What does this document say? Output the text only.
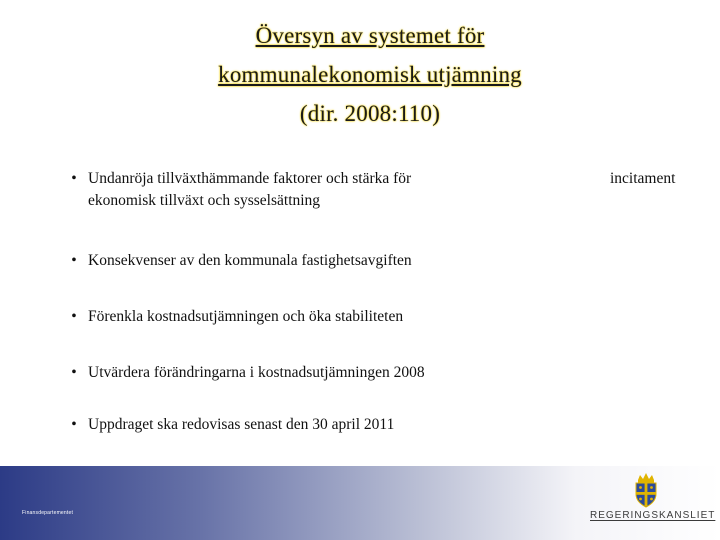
Översyn av systemet för
kommunalekonomisk utjämning
(dir. 2008:110)
• Undanröja tillväxthämmande faktorer och stärka för ekonomisk tillväxt och sysselsättning
incitament
• Konsekvenser av den kommunala fastighetsavgiften
• Förenkla kostnadsutjämningen och öka stabiliteten
• Utvärdera förändringarna i kostnadsutjämningen 2008
• Uppdraget ska redovisas senast den 30 april 2011
Finansdepartementet	REGERINGSKANSLIET
